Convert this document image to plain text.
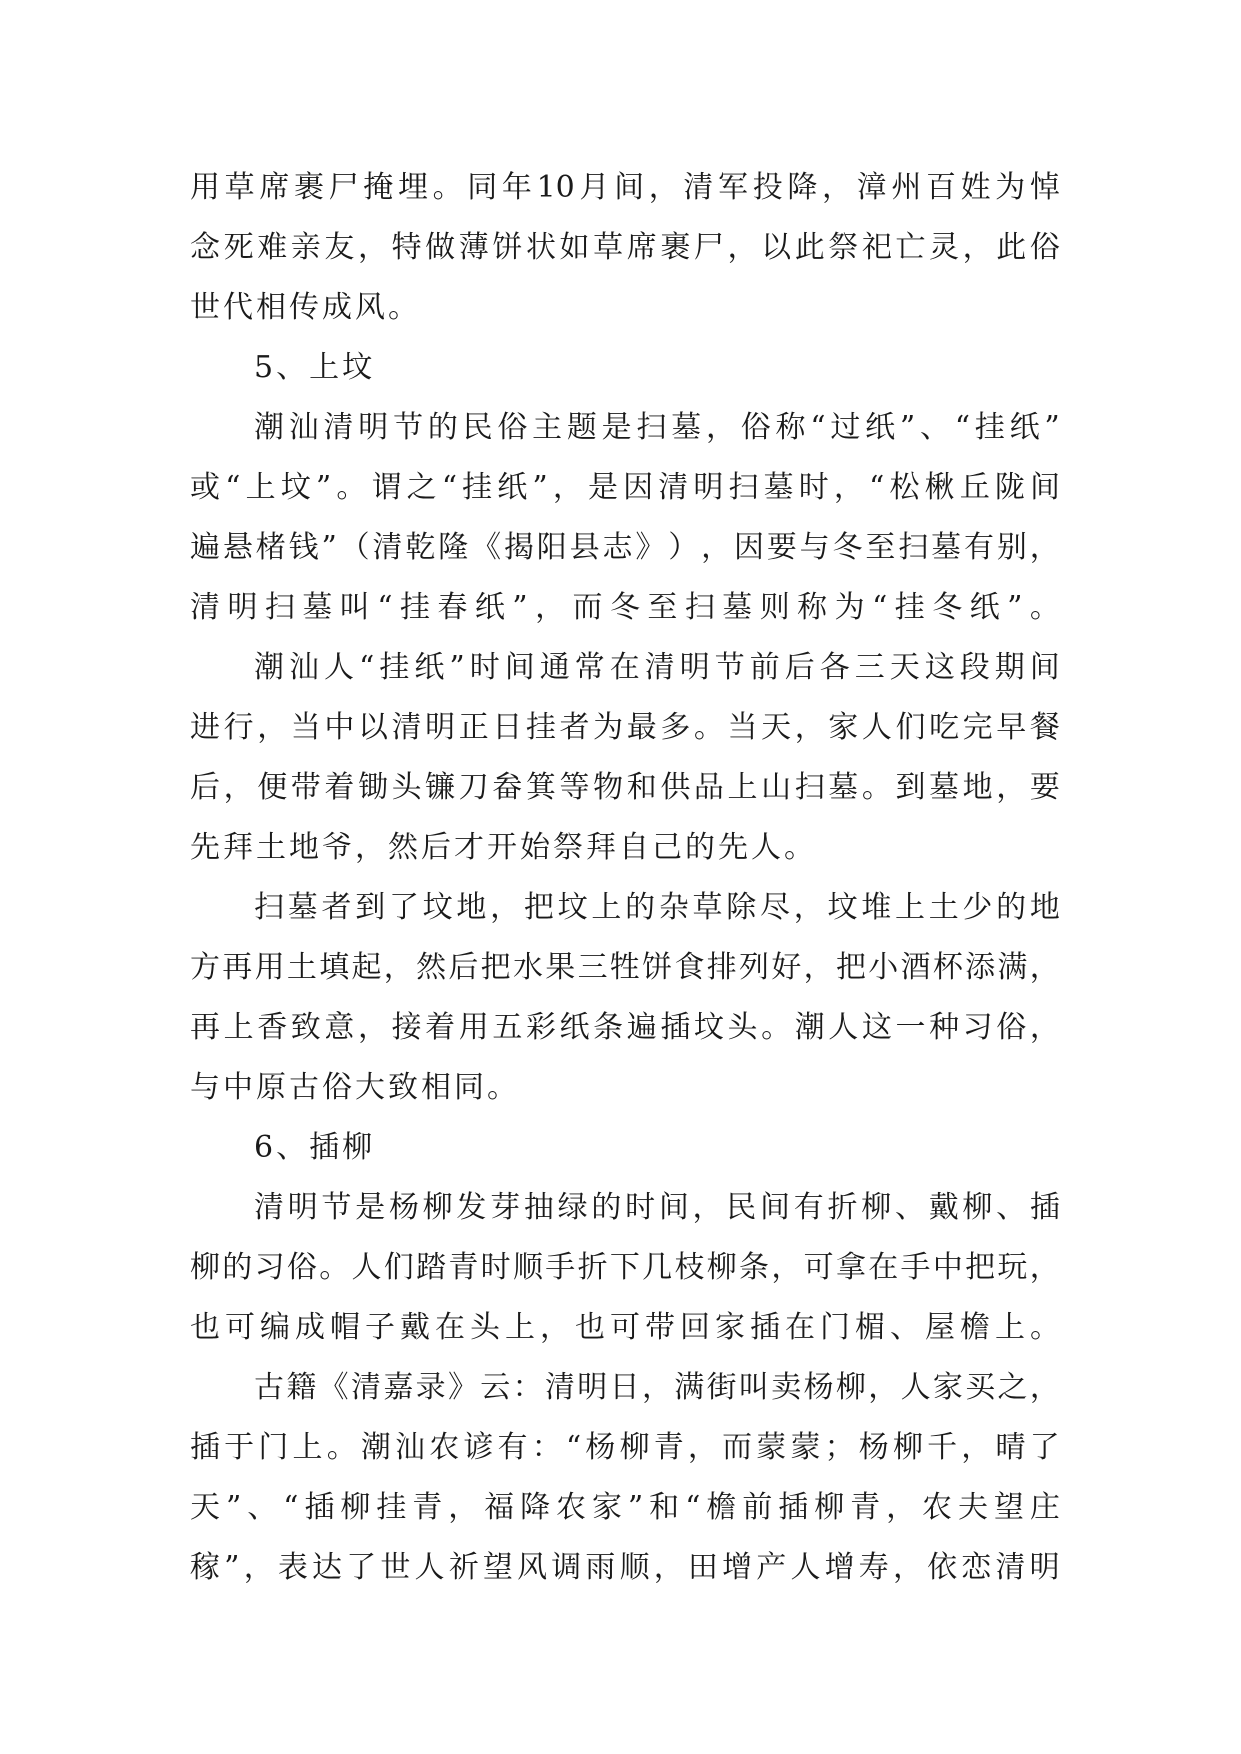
用 草 席 裹 尸 掩 埋 。 同 年 10 月 间 ， 清 军 投 降 ， 漳 州 百 姓 为 悼
念 死 难 亲 友 ， 特 做 薄 饼 状 如 草 席 裹 尸 ， 以 此 祭 祀 亡 灵 ， 此 俗
世代相传成风。
5、上坟
潮 汕 清 明 节 的 民 俗 主 题 是 扫 墓 ， 俗 称 “ 过 纸 ” 、 “ 挂 纸 ”
或 “ 上 坟 ” 。 谓 之 “ 挂 纸 ” ， 是 因 清 明 扫 墓 时 ， “ 松 楸 丘 陇 间
遍 悬 楮 钱 ” （ 清 乾 隆 《 揭 阳 县 志 》 ） ， 因 要 与 冬 至 扫 墓 有 别 ，
清 明 扫 墓 叫 “ 挂 春 纸 ” ， 而 冬 至 扫 墓 则 称 为 “ 挂 冬 纸 ” 。
潮 汕 人 “ 挂 纸 ” 时 间 通 常 在 清 明 节 前 后 各 三 天 这 段 期 间
进 行 ， 当 中 以 清 明 正 日 挂 者 为 最 多 。 当 天 ， 家 人 们 吃 完 早 餐
后 ， 便 带 着 锄 头 镰 刀 畚 箕 等 物 和 供 品 上 山 扫 墓 。 到 墓 地 ， 要
先拜土地爷，然后才开始祭拜自己的先人。
扫 墓 者 到 了 坟 地 ， 把 坟 上 的 杂 草 除 尽 ， 坟 堆 上 土 少 的 地
方 再 用 土 填 起 ， 然 后 把 水 果 三 牲 饼 食 排 列 好 ， 把 小 酒 杯 添 满 ，
再 上 香 致 意 ， 接 着 用 五 彩 纸 条 遍 插 坟 头 。 潮 人 这 一 种 习 俗 ，
与中原古俗大致相同。
6、插柳
清 明 节 是 杨 柳 发 芽 抽 绿 的 时 间 ， 民 间 有 折 柳 、 戴 柳 、 插
柳 的 习 俗 。 人 们 踏 青 时 顺 手 折 下 几 枝 柳 条 ， 可 拿 在 手 中 把 玩 ，
也 可 编 成 帽 子 戴 在 头 上 ， 也 可 带 回 家 插 在 门 楣 、 屋 檐 上 。
古 籍 《 清 嘉 录 》 云 ： 清 明 日 ， 满 街 叫 卖 杨 柳 ， 人 家 买 之 ，
插 于 门 上 。 潮 汕 农 谚 有 ： “ 杨 柳 青 ， 而 蒙 蒙 ； 杨 柳 千 ， 晴 了
天 ” 、 “ 插 柳 挂 青 ， 福 降 农 家 ” 和 “ 檐 前 插 柳 青 ， 农 夫 望 庄
稼 ” ， 表 达 了 世 人 祈 望 风 调 雨 顺 ， 田 增 产 人 增 寿 ， 依 恋 清 明
